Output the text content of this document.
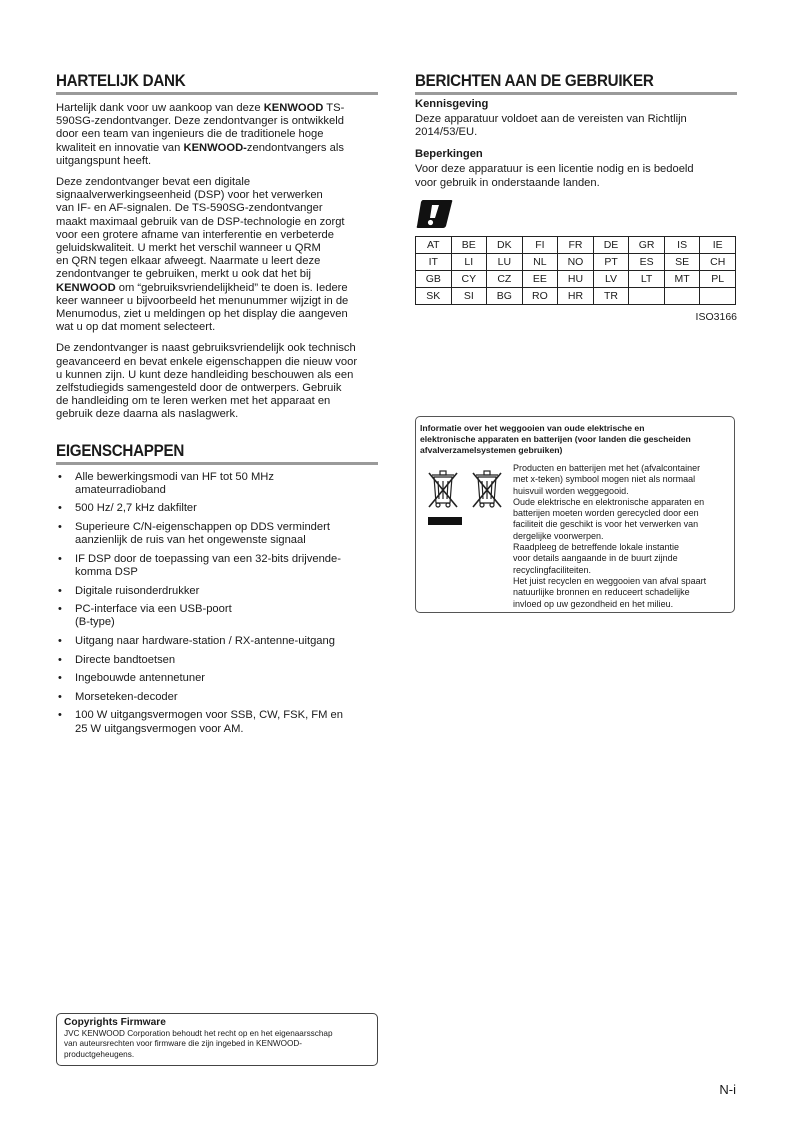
HARTELIJK DANK

Hartelijk dank voor uw aankoop van deze KENWOOD TS-
590SG-zendontvanger. Deze zendontvanger is ontwikkeld
door een team van ingenieurs die de traditionele hoge
kwaliteit en innovatie van KENWOOD-zendontvangers als
uitgangspunt heeft.

Deze zendontvanger bevat een digitale
signaalverwerkingseenheid (DSP) voor het verwerken
van IF- en AF-signalen. De TS-590SG-zendontvanger
maakt maximaal gebruik van de DSP-technologie en zorgt
voor een grotere afname van interferentie en verbeterde
geluidskwaliteit. U merkt het verschil wanneer u QRM
en QRN tegen elkaar afweegt. Naarmate u leert deze
zendontvanger te gebruiken, merkt u ook dat het bij
KENWOOD om “gebruiksvriendelijkheid” te doen is. Iedere
keer wanneer u bijvoorbeeld het menunummer wijzigt in de
Menumodus, ziet u meldingen op het display die aangeven
wat u op dat moment selecteert.

De zendontvanger is naast gebruiksvriendelijk ook technisch
geavanceerd en bevat enkele eigenschappen die nieuw voor
u kunnen zijn. U kunt deze handleiding beschouwen als een
zelfstudiegids samengesteld door de ontwerpers. Gebruik
de handleiding om te leren werken met het apparaat en
gebruik deze daarna als naslagwerk.

EIGENSCHAPPEN
• Alle bewerkingsmodi van HF tot 50 MHz
amateurradioband
• 500 Hz/ 2,7 kHz dakfilter
• Superieure C/N-eigenschappen op DDS vermindert
aanzienlijk de ruis van het ongewenste signaal
• IF DSP door de toepassing van een 32-bits drijvende-
komma DSP
• Digitale ruisonderdrukker
• PC-interface via een USB-poort
(B-type)
• Uitgang naar hardware-station / RX-antenne-uitgang
• Directe bandtoetsen
• Ingebouwde antennetuner
• Morseteken-decoder
• 100 W uitgangsvermogen voor SSB, CW, FSK, FM en
25 W uitgangsvermogen voor AM.
BERICHTEN AAN DE GEBRUIKER

Kennisgeving

Deze apparatuur voldoet aan de vereisten van Richtlijn
2014/53/EU.

Beperkingen

Voor deze apparatuur is een licentie nodig en is bedoeld
voor gebruik in onderstaande landen.

AT	BE	DK	FI	FR	DE	GR	IS	IE
IT	LI	LU	NL	NO	PT	ES	SE	CH
GB	CY	CZ	EE	HU	LV	LT	MT	PL
SK	SI	BG	RO	HR	TR			
ISO3166

Informatie over het weggooien van oude elektrische en
elektronische apparaten en batterijen (voor landen die gescheiden
afvalverzamelsystemen gebruiken)

Producten en batterijen met het (afvalcontainer
met x-teken) symbool mogen niet als normaal
huisvuil worden weggegooid.
Oude elektrische en elektronische apparaten en
batterijen moeten worden gerecycled door een
faciliteit die geschikt is voor het verwerken van
dergelijke voorwerpen.
Raadpleeg de betreffende lokale instantie
voor details aangaande in de buurt zijnde
recyclingfaciliteiten.
Het juist recyclen en weggooien van afval spaart
natuurlijke bronnen en reduceert schadelijke
invloed op uw gezondheid en het milieu.

Copyrights Firmware

JVC KENWOOD Corporation behoudt het recht op en het eigenaarsschap
van auteursrechten voor firmware die zijn ingebed in KENWOOD-
productgeheugens.

N-i
